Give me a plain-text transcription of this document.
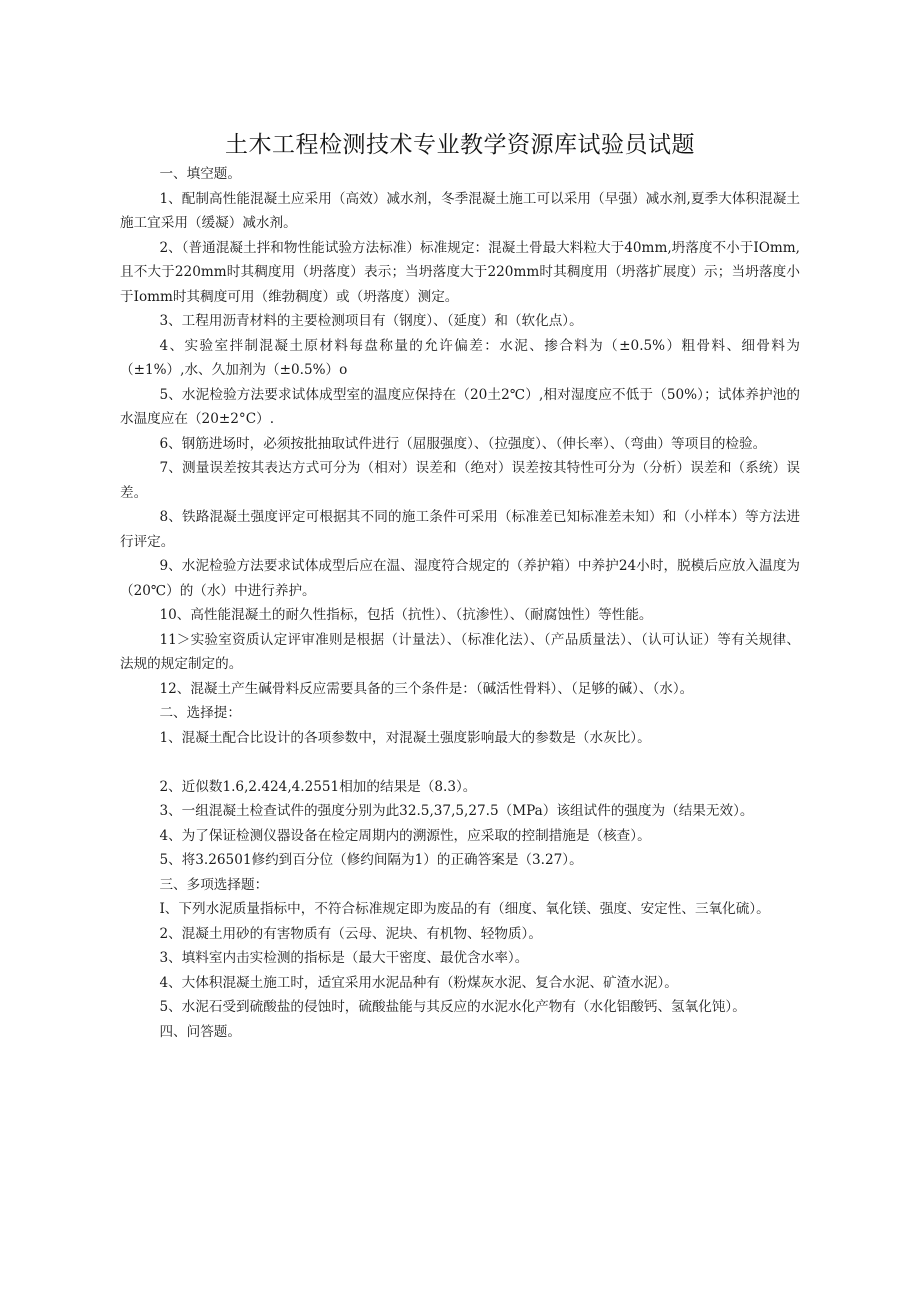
土木工程检测技术专业教学资源库试验员试题

一、填空题。

1、配制高性能混凝土应采用（高效）减水剂，冬季混凝土施工可以采用（早强）减水剂,夏季大体积混凝土施工宜采用（缓凝）减水剂。

2、（普通混凝土拌和物性能试验方法标准）标准规定：混凝土骨最大料粒大于40mm,坍落度不小于IOmm,且不大于220mm时其稠度用（坍落度）表示；当坍落度大于220mm时其稠度用（坍落扩展度）示；当坍落度小于Iomm时其稠度可用（维勃稠度）或（坍落度）测定。

3、工程用沥青材料的主要检测项目有（钢度）、（延度）和（软化点）。

4、实验室拌制混凝土原材料每盘称量的允许偏差：水泥、掺合料为（±0.5%）粗骨料、细骨料为（±1%）,水、久加剂为（±0.5%）o

5、水泥检验方法要求试体成型室的温度应保持在（20土2℃）,相对湿度应不低于（50%）；试体养护池的水温度应在（20±2°C）.

6、钢筋进场时，必须按批抽取试件进行（屈服强度）、（拉强度）、（伸长率）、（弯曲）等项目的检验。

7、测量误差按其表达方式可分为（相对）误差和（绝对）误差按其特性可分为（分析）误差和（系统）误差。

8、铁路混凝土强度评定可根据其不同的施工条件可采用（标准差已知标准差未知）和（小样本）等方法进行评定。

9、水泥检验方法要求试体成型后应在温、湿度符合规定的（养护箱）中养护24小时，脱模后应放入温度为（20℃）的（水）中进行养护。

10、高性能混凝土的耐久性指标，包括（抗性）、（抗渗性）、（耐腐蚀性）等性能。

11＞实验室资质认定评审准则是根据（计量法）、（标准化法）、（产品质量法）、（认可认证）等有关规律、法规的规定制定的。

12、混凝土产生碱骨料反应需要具备的三个条件是：（碱活性骨料）、（足够的碱）、（水）。

二、选择提：

1、混凝土配合比设计的各项参数中，对混凝土强度影响最大的参数是（水灰比）。

2、近似数1.6,2.424,4.2551相加的结果是（8.3）。

3、一组混凝土检查试件的强度分别为此32.5,37,5,27.5（MPa）该组试件的强度为（结果无效）。

4、为了保证检测仪器设备在检定周期内的溯源性，应采取的控制措施是（核查）。

5、将3.26501修约到百分位（修约间隔为1）的正确答案是（3.27）。

三、多项选择题：

I、下列水泥质量指标中，不符合标准规定即为废品的有（细度、氧化镁、强度、安定性、三氧化硫）。

2、混凝土用砂的有害物质有（云母、泥块、有机物、轻物质）。

3、填料室内击实检测的指标是（最大干密度、最优含水率）。

4、大体积混凝土施工时，适宜采用水泥品种有（粉煤灰水泥、复合水泥、矿渣水泥）。

5、水泥石受到硫酸盐的侵蚀时，硫酸盐能与其反应的水泥水化产物有（水化铝酸钙、氢氧化饨）。

四、问答题。
